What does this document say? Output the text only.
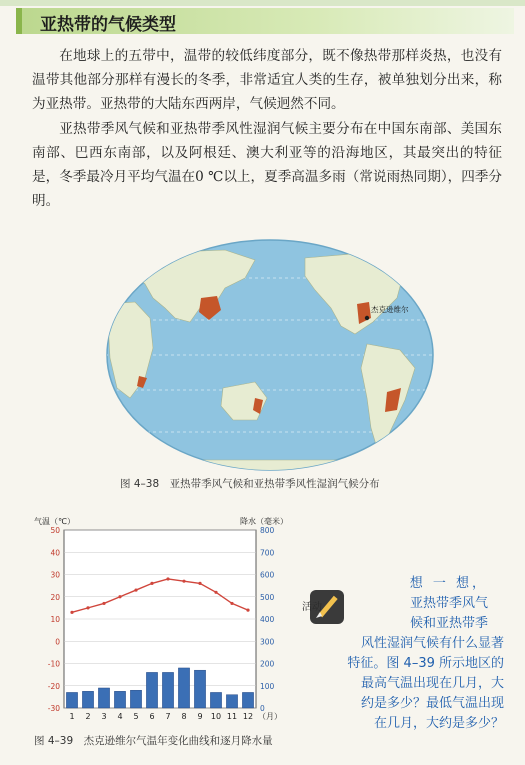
亚热带的气候类型

在地球上的五带中，温带的较低纬度部分，既不像热带那样炎热，也没有温带其他部分那样有漫长的冬季，非常适宜人类的生存，被单独划分出来，称为亚热带。亚热带的大陆东西两岸，气候迥然不同。

亚热带季风气候和亚热带季风性湿润气候主要分布在中国东南部、美国东南部、巴西东南部，以及阿根廷、澳大利亚等的沿海地区，其最突出的特征是，冬季最冷月平均气温在0 ℃以上，夏季高温多雨（常说雨热同期），四季分明。

杰克逊维尔
图 4–38　亚热带季风气候和亚热带季风性湿润气候分布
50
40
30
20
10
0
-10
-20
-30
800
700
600
500
400
300
200
100
0
气温（℃）	降水（毫米）
1 2 3 4 5 6 7 8 9 10 11 12 （月）
图 4–39　杰克逊维尔气温年变化曲线和逐月降水量
活动
想 一 想，
亚热带季风气
候和亚热带季
风性湿润气候有什么显著
特征。图 4–39 所示地区的
最高气温出现在几月，大
约是多少？最低气温出现
在几月，大约是多少？
